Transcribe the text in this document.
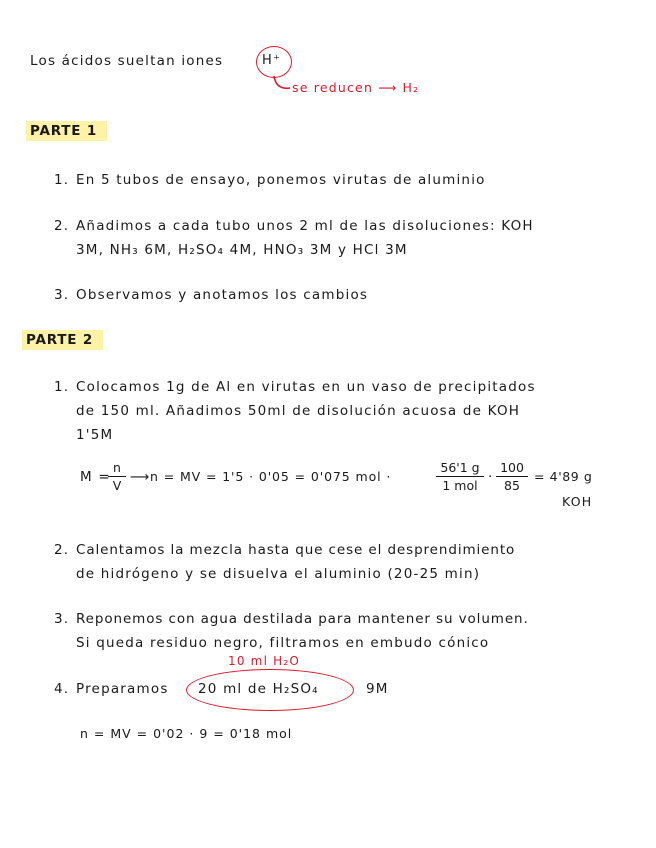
Los ácidos sueltan iones	H⁺
se reducen ⟶ H₂
PARTE 1
1. En 5 tubos de ensayo, ponemos virutas de aluminio
2. Añadimos a cada tubo unos 2 ml de las disoluciones: KOH
3M, NH₃ 6M, H₂SO₄ 4M, HNO₃ 3M y HCl 3M
3. Observamos y anotamos los cambios
PARTE 2
1. Colocamos 1g de Al en virutas en un vaso de precipitados
de 150 ml. Añadimos 50ml de disolución acuosa de KOH
1'5M
M =
$\frac{n}{V}$ ⟶ n = MV = 1'5 · 0'05 = 0'075 mol ·
56'1 g
1 mol
· $\frac{100}{85} = 4'89$ g
KOH
2. Calentamos la mezcla hasta que cese el desprendimiento
de hidrógeno y se disuelva el aluminio (20-25 min)
3. Reponemos con agua destilada para mantener su volumen.
Si queda residuo negro, filtramos en embudo cónico
10 ml H₂O
4. Preparamos 20 ml de H₂SO₄	9M
n = MV = 0'02 · 9 = 0'18 mol
